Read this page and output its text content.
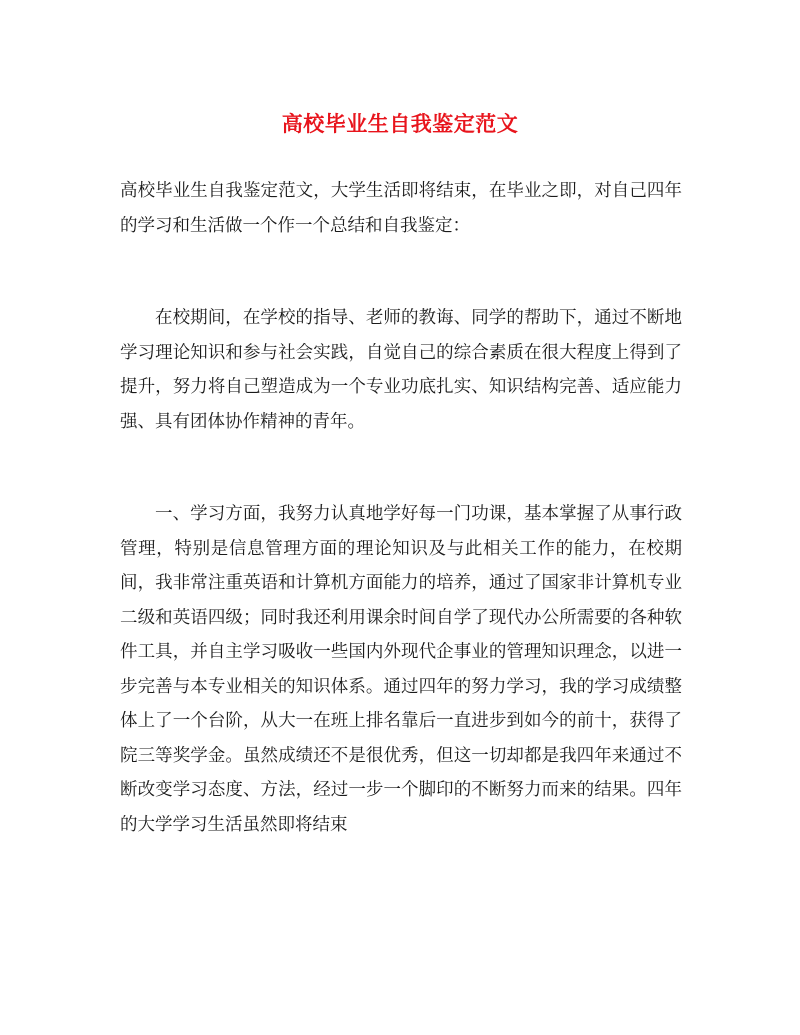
高校毕业生自我鉴定范文

高校毕业生自我鉴定范文，大学生活即将结束，在毕业之即，对自己四年的学习和生活做一个作一个总结和自我鉴定：

在校期间，在学校的指导、老师的教诲、同学的帮助下，通过不断地学习理论知识和参与社会实践，自觉自己的综合素质在很大程度上得到了提升，努力将自己塑造成为一个专业功底扎实、知识结构完善、适应能力强、具有团体协作精神的青年。

一、学习方面，我努力认真地学好每一门功课，基本掌握了从事行政管理，特别是信息管理方面的理论知识及与此相关工作的能力，在校期间，我非常注重英语和计算机方面能力的培养，通过了国家非计算机专业二级和英语四级；同时我还利用课余时间自学了现代办公所需要的各种软件工具，并自主学习吸收一些国内外现代企事业的管理知识理念，以进一步完善与本专业相关的知识体系。通过四年的努力学习，我的学习成绩整体上了一个台阶，从大一在班上排名靠后一直进步到如今的前十，获得了院三等奖学金。虽然成绩还不是很优秀，但这一切却都是我四年来通过不断改变学习态度、方法，经过一步一个脚印的不断努力而来的结果。四年的大学学习生活虽然即将结束
